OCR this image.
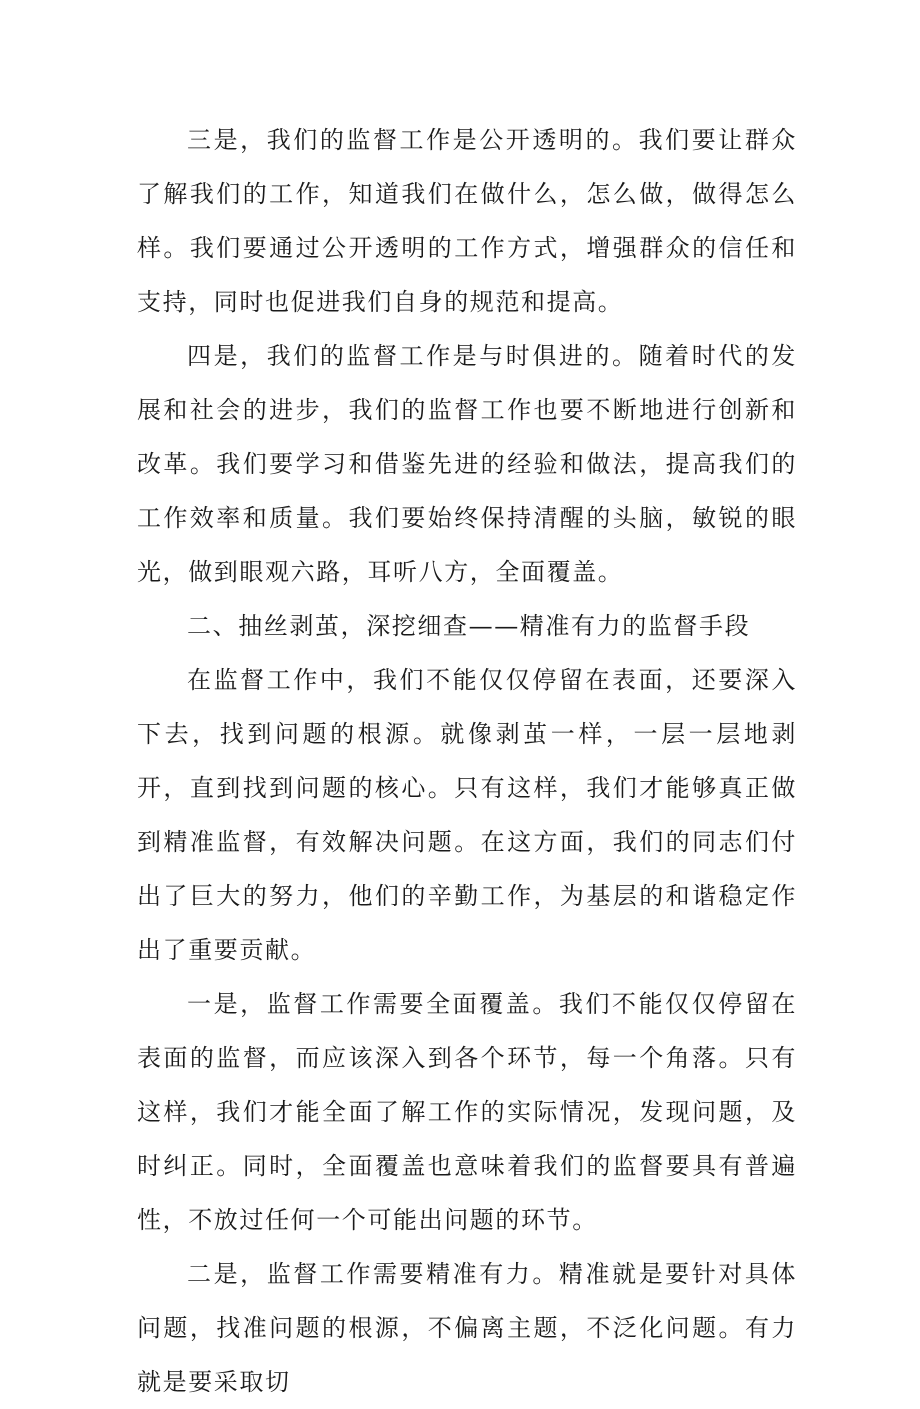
三是，我们的监督工作是公开透明的。我们要让群众了解我们的工作，知道我们在做什么，怎么做，做得怎么样。我们要通过公开透明的工作方式，增强群众的信任和支持，同时也促进我们自身的规范和提高。

四是，我们的监督工作是与时俱进的。随着时代的发展和社会的进步，我们的监督工作也要不断地进行创新和改革。我们要学习和借鉴先进的经验和做法，提高我们的工作效率和质量。我们要始终保持清醒的头脑，敏锐的眼光，做到眼观六路，耳听八方，全面覆盖。

二、抽丝剥茧，深挖细查——精准有力的监督手段

在监督工作中，我们不能仅仅停留在表面，还要深入下去，找到问题的根源。就像剥茧一样，一层一层地剥开，直到找到问题的核心。只有这样，我们才能够真正做到精准监督，有效解决问题。在这方面，我们的同志们付出了巨大的努力，他们的辛勤工作，为基层的和谐稳定作出了重要贡献。

一是，监督工作需要全面覆盖。我们不能仅仅停留在表面的监督，而应该深入到各个环节，每一个角落。只有这样，我们才能全面了解工作的实际情况，发现问题，及时纠正。同时，全面覆盖也意味着我们的监督要具有普遍性，不放过任何一个可能出问题的环节。

二是，监督工作需要精准有力。精准就是要针对具体问题，找准问题的根源，不偏离主题，不泛化问题。有力就是要采取切
